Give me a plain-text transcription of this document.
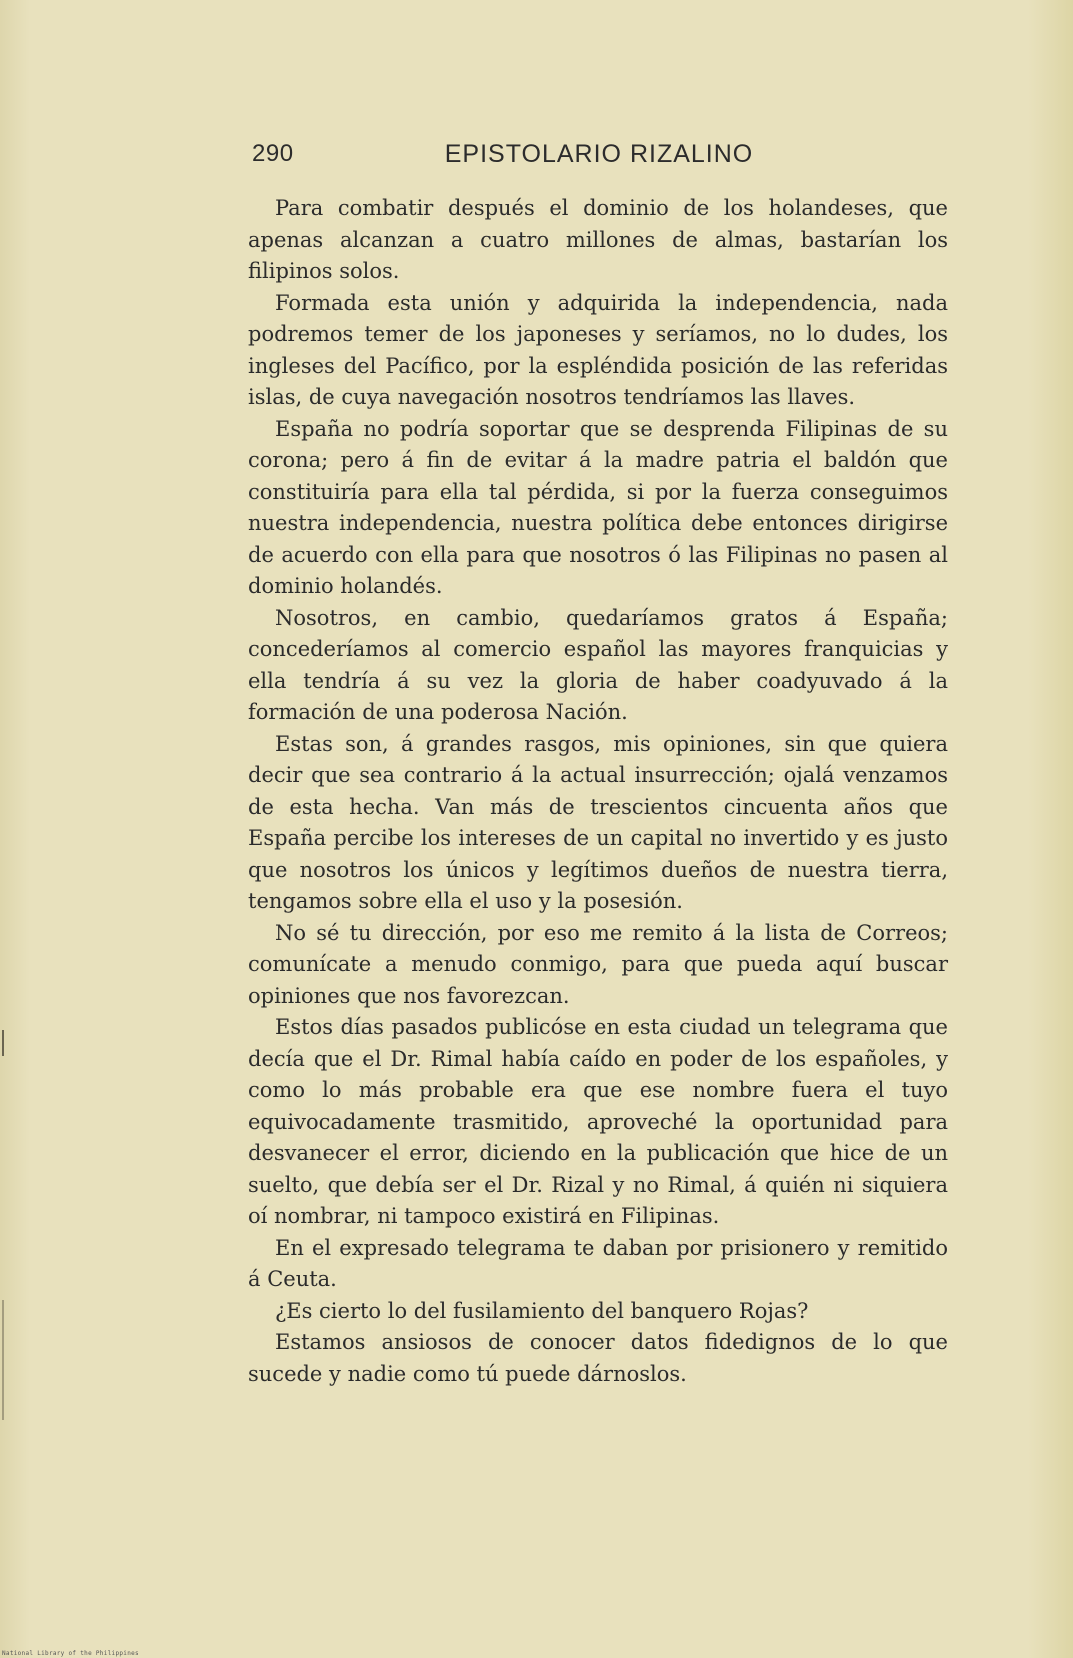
290	EPISTOLARIO RIZALINO

Para combatir después el dominio de los holandeses, que apenas alcanzan a cuatro millones de almas, bastarían los filipinos solos.

Formada esta unión y adquirida la independencia, nada podremos temer de los japoneses y seríamos, no lo dudes, los ingleses del Pacífico, por la espléndida posición de las referidas islas, de cuya navegación nosotros tendríamos las llaves.

España no podría soportar que se desprenda Filipinas de su corona; pero á fin de evitar á la madre patria el baldón que constituiría para ella tal pérdida, si por la fuerza conseguimos nuestra independencia, nuestra política debe entonces dirigirse de acuerdo con ella para que nosotros ó las Filipinas no pasen al dominio holandés.

Nosotros, en cambio, quedaríamos gratos á España; concederíamos al comercio español las mayores franquicias y ella tendría á su vez la gloria de haber coadyuvado á la formación de una poderosa Nación.

Estas son, á grandes rasgos, mis opiniones, sin que quiera decir que sea contrario á la actual insurrección; ojalá venzamos de esta hecha. Van más de trescientos cincuenta años que España percibe los intereses de un capital no invertido y es justo que nosotros los únicos y legítimos dueños de nuestra tierra, tengamos sobre ella el uso y la posesión.

No sé tu dirección, por eso me remito á la lista de Correos; comunícate a menudo conmigo, para que pueda aquí buscar opiniones que nos favorezcan.

Estos días pasados publicóse en esta ciudad un telegrama que decía que el Dr. Rimal había caído en poder de los españoles, y como lo más probable era que ese nombre fuera el tuyo equivocadamente trasmitido, aproveché la oportunidad para desvanecer el error, diciendo en la publicación que hice de un suelto, que debía ser el Dr. Rizal y no Rimal, á quién ni siquiera oí nombrar, ni tampoco existirá en Filipinas.

En el expresado telegrama te daban por prisionero y remitido á Ceuta.

¿Es cierto lo del fusilamiento del banquero Rojas?

Estamos ansiosos de conocer datos fidedignos de lo que sucede y nadie como tú puede dárnoslos.

National Library of the Philippines
